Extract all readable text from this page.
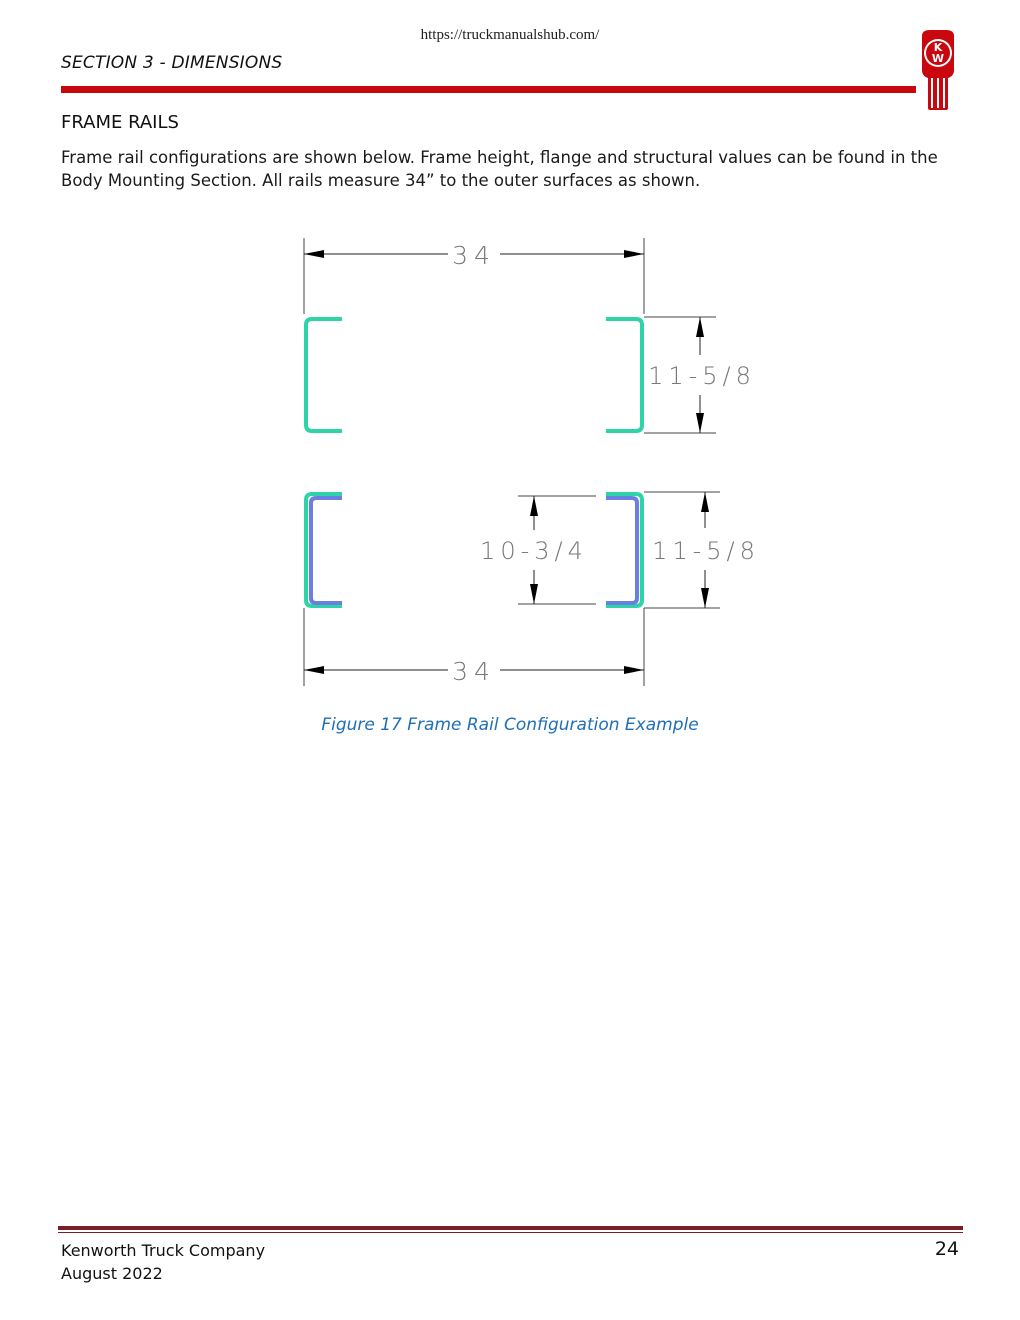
https://truckmanualshub.com/
SECTION 3 - DIMENSIONS
K
W
FRAME RAILS
Frame rail configurations are shown below. Frame height, flange and structural values can be found in the Body Mounting Section. All rails measure 34” to the outer surfaces as shown.
34
11-5/8
10-3/4	11-5/8
34
Figure 17 Frame Rail Configuration Example
Kenworth Truck Company
August 2022
24
